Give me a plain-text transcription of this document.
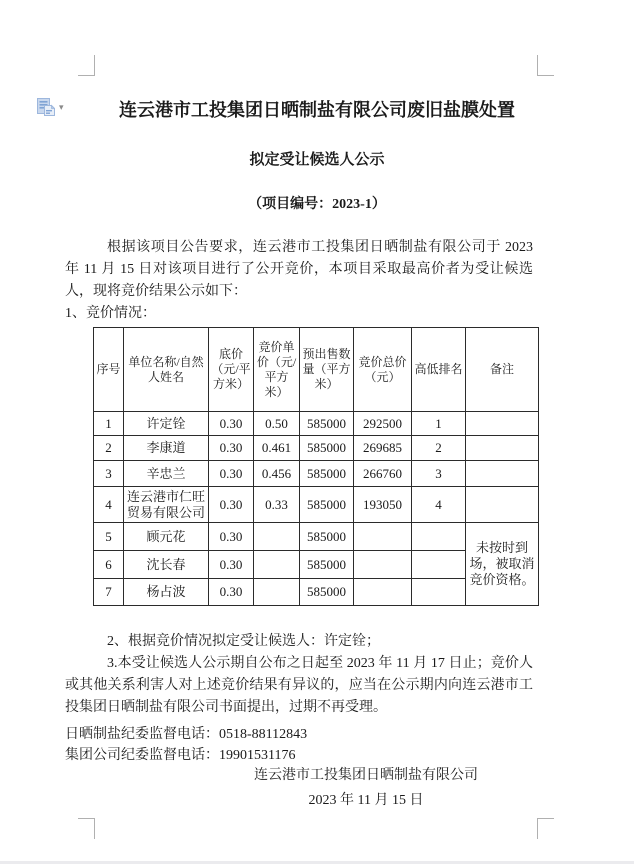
▾	连云港市工投集团日晒制盐有限公司废旧盐膜处置
拟定受让候选人公示
（项目编号：2023-1）

根据该项目公告要求，连云港市工投集团日晒制盐有限公司于 2023 年 11 月 15 日对该项目进行了公开竞价，本项目采取最高价者为受让候选人，现将竞价结果公示如下：

1、竞价情况：

序号	单位名称/自然人姓名	底价（元/平方米）	竞价单价（元/平方米）	预出售数量（平方米）	竞价总价（元）	高低排名	备注
1	许定铨	0.30	0.50	585000	292500	1	
2	李康道	0.30	0.461	585000	269685	2	
3	辛忠兰	0.30	0.456	585000	266760	3	
4	连云港市仁旺贸易有限公司	0.30	0.33	585000	193050	4	
5	顾元花	0.30		585000			未按时到场，被取消竞价资格。
6	沈长春	0.30		585000			
7	杨占波	0.30		585000			

2、根据竞价情况拟定受让候选人：许定铨；

3.本受让候选人公示期自公布之日起至 2023 年 11 月 17 日止；竞价人或其他关系利害人对上述竞价结果有异议的，应当在公示期内向连云港市工投集团日晒制盐有限公司书面提出，过期不再受理。

日晒制盐纪委监督电话：0518-88112843

集团公司纪委监督电话：19901531176

连云港市工投集团日晒制盐有限公司
2023 年 11 月 15 日
